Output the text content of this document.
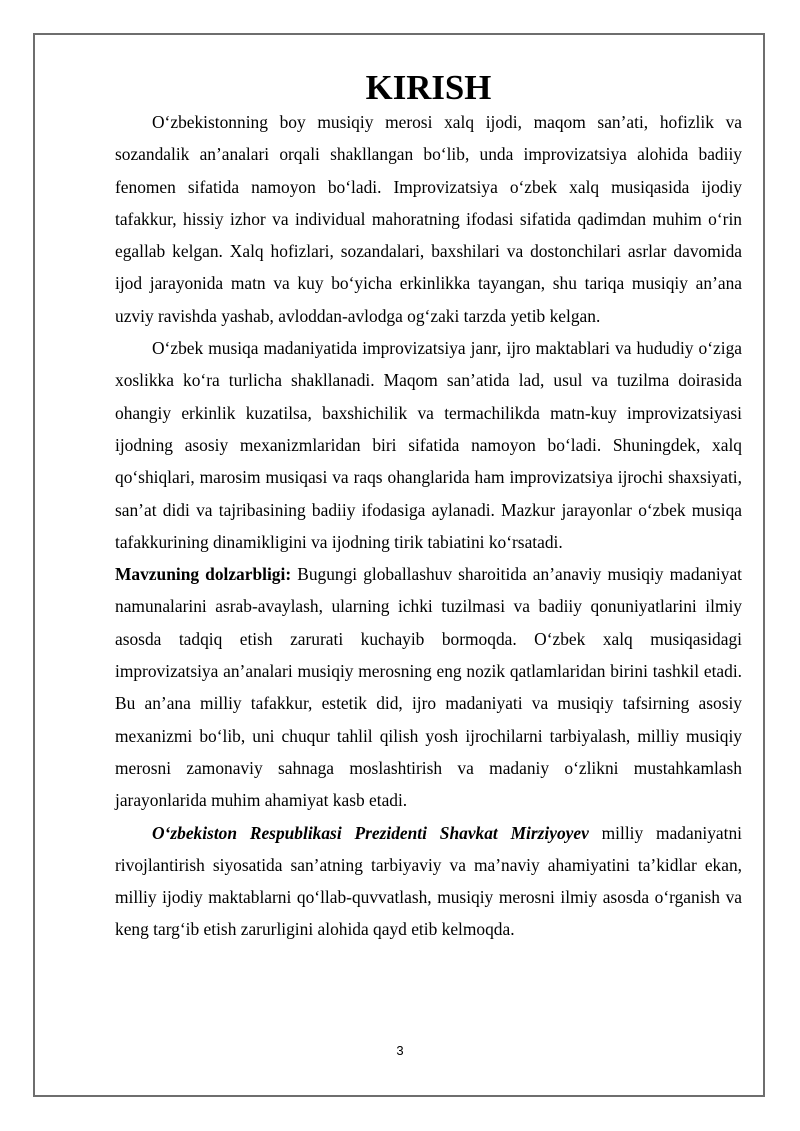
KIRISH

O‘zbekistonning boy musiqiy merosi xalq ijodi, maqom san’ati, hofizlik va sozandalik an’analari orqali shakllangan bo‘lib, unda improvizatsiya alohida badiiy fenomen sifatida namoyon bo‘ladi. Improvizatsiya o‘zbek xalq musiqasida ijodiy tafakkur, hissiy izhor va individual mahoratning ifodasi sifatida qadimdan muhim o‘rin egallab kelgan. Xalq hofizlari, sozandalari, baxshilari va dostonchilari asrlar davomida ijod jarayonida matn va kuy bo‘yicha erkinlikka tayangan, shu tariqa musiqiy an’ana uzviy ravishda yashab, avloddan-avlodga og‘zaki tarzda yetib kelgan.

O‘zbek musiqa madaniyatida improvizatsiya janr, ijro maktablari va hududiy o‘ziga xoslikka ko‘ra turlicha shakllanadi. Maqom san’atida lad, usul va tuzilma doirasida ohangiy erkinlik kuzatilsa, baxshichilik va termachilikda matn-kuy improvizatsiyasi ijodning asosiy mexanizmlaridan biri sifatida namoyon bo‘ladi. Shuningdek, xalq qo‘shiqlari, marosim musiqasi va raqs ohanglarida ham improvizatsiya ijrochi shaxsiyati, san’at didi va tajribasining badiiy ifodasiga aylanadi. Mazkur jarayonlar o‘zbek musiqa tafakkurining dinamikligini va ijodning tirik tabiatini ko‘rsatadi.

Mavzuning dolzarbligi: Bugungi globallashuv sharoitida an’anaviy musiqiy madaniyat namunalarini asrab-avaylash, ularning ichki tuzilmasi va badiiy qonuniyatlarini ilmiy asosda tadqiq etish zarurati kuchayib bormoqda. O‘zbek xalq musiqasidagi improvizatsiya an’analari musiqiy merosning eng nozik qatlamlaridan birini tashkil etadi. Bu an’ana milliy tafakkur, estetik did, ijro madaniyati va musiqiy tafsirning asosiy mexanizmi bo‘lib, uni chuqur tahlil qilish yosh ijrochilarni tarbiyalash, milliy musiqiy merosni zamonaviy sahnaga moslashtirish va madaniy o‘zlikni mustahkamlash jarayonlarida muhim ahamiyat kasb etadi.

O‘zbekiston Respublikasi Prezidenti Shavkat Mirziyoyev milliy madaniyatni rivojlantirish siyosatida san’atning tarbiyaviy va ma’naviy ahamiyatini ta’kidlar ekan, milliy ijodiy maktablarni qo‘llab-quvvatlash, musiqiy merosni ilmiy asosda o‘rganish va keng targ‘ib etish zarurligini alohida qayd etib kelmoqda.

3
